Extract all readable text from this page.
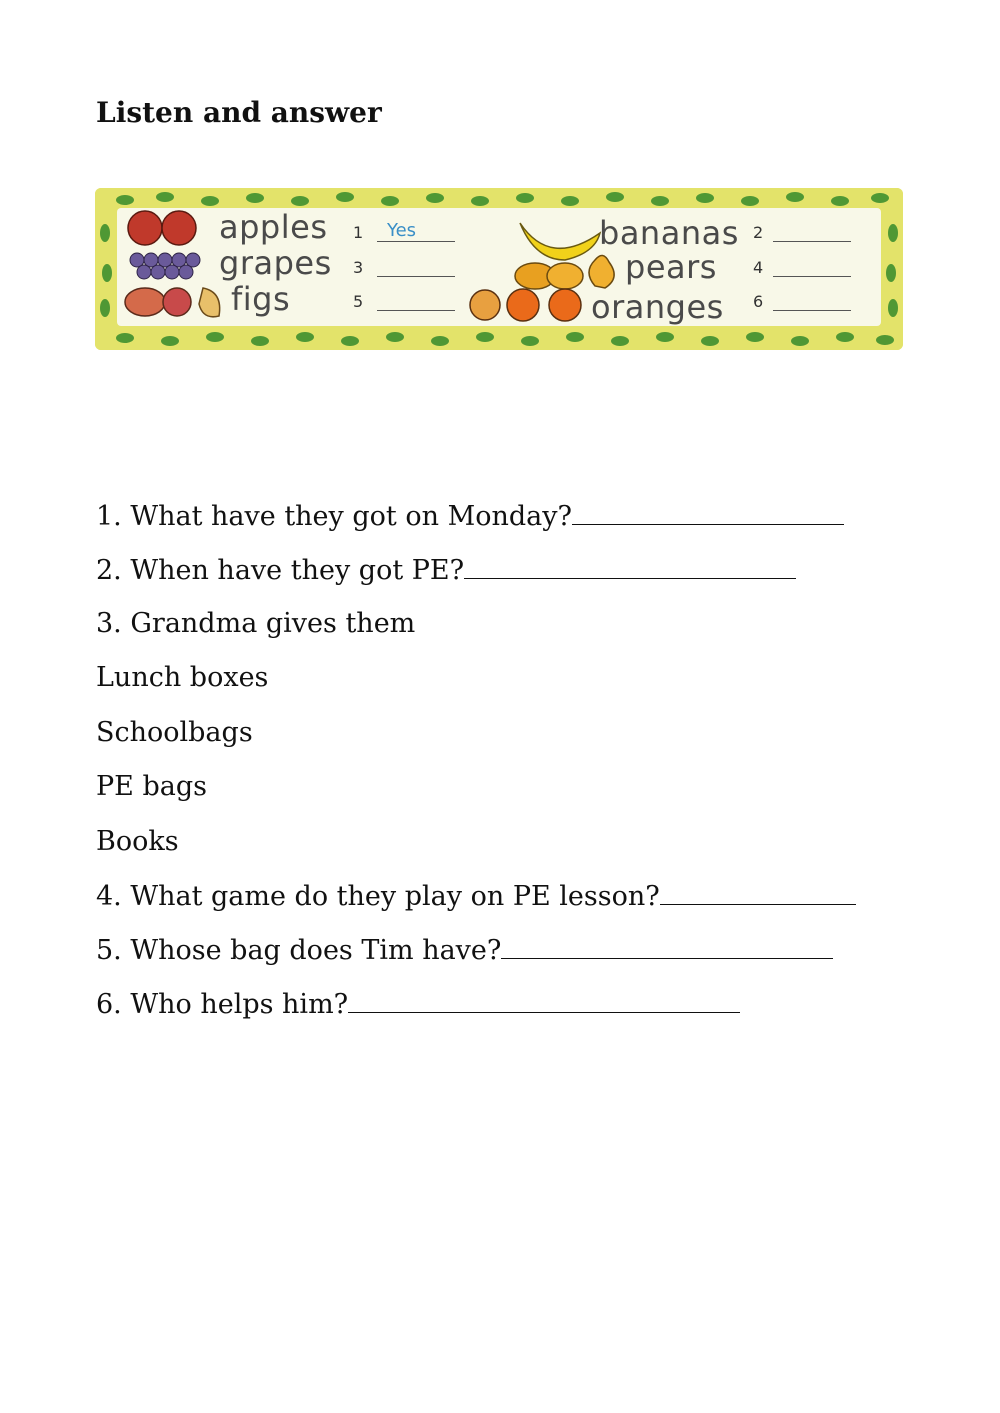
Listen and answer
apples
grapes
figs
bananas
pears
oranges
1
3
5
2
4
6
Yes
1. What have they got on Monday?
2. When have they got PE?
3. Grandma gives them
Lunch boxes
Schoolbags
PE bags
Books
4. What game do they play on PE lesson?
5. Whose bag does Tim have?
6. Who helps him?
